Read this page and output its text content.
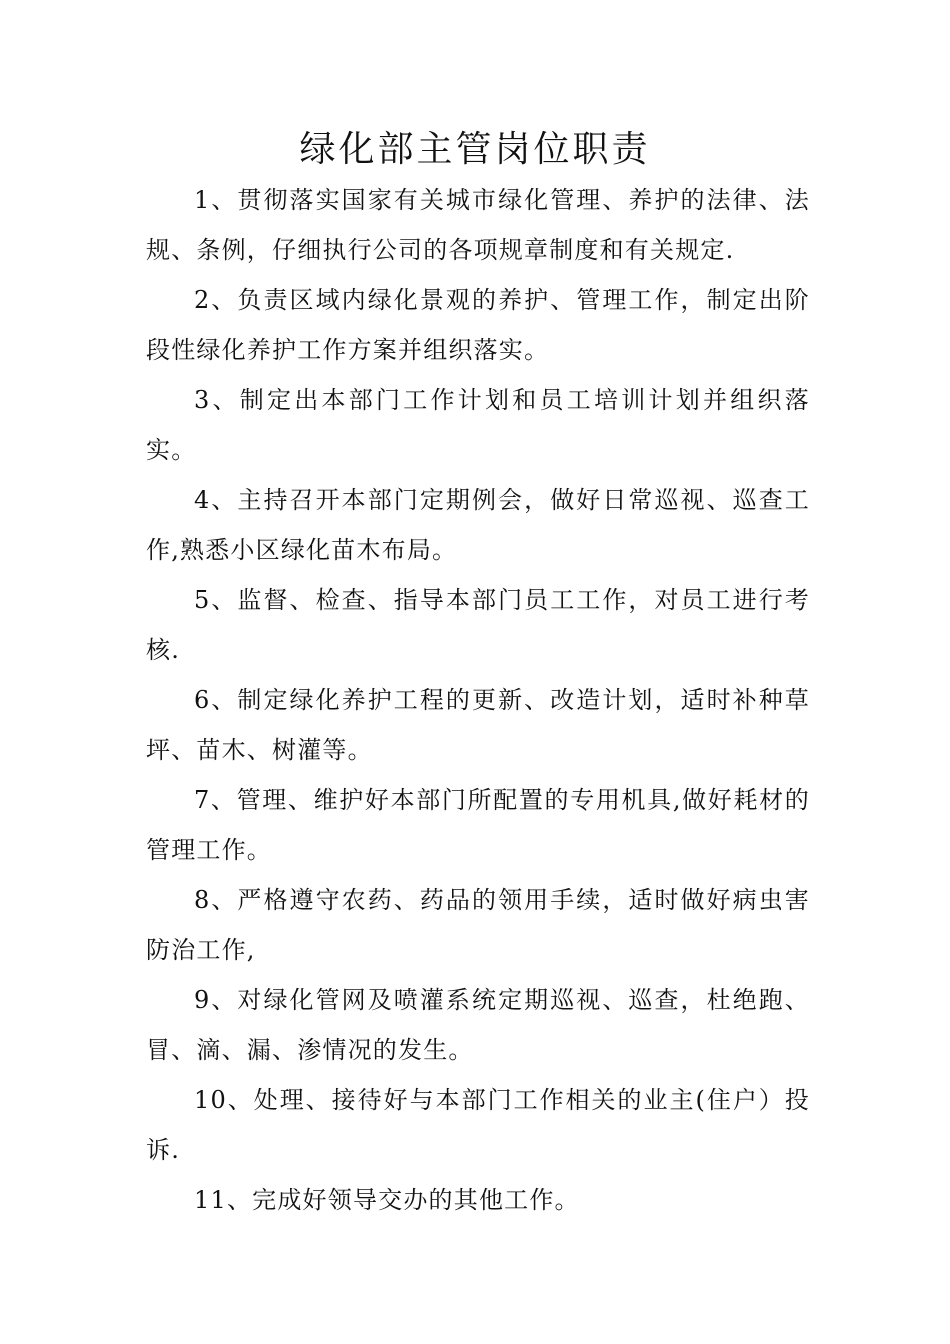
绿化部主管岗位职责

1、贯彻落实国家有关城市绿化管理、养护的法律、法规、条例，仔细执行公司的各项规章制度和有关规定.

2、负责区域内绿化景观的养护、管理工作，制定出阶段性绿化养护工作方案并组织落实。

3、制定出本部门工作计划和员工培训计划并组织落实。

4、主持召开本部门定期例会，做好日常巡视、巡查工作,熟悉小区绿化苗木布局。

5、监督、检查、指导本部门员工工作，对员工进行考核.

6、制定绿化养护工程的更新、改造计划，适时补种草坪、苗木、树灌等。

7、管理、维护好本部门所配置的专用机具,做好耗材的管理工作。

8、严格遵守农药、药品的领用手续，适时做好病虫害防治工作,

9、对绿化管网及喷灌系统定期巡视、巡查，杜绝跑、冒、滴、漏、渗情况的发生。

10、处理、接待好与本部门工作相关的业主(住户）投诉.

11、完成好领导交办的其他工作。
